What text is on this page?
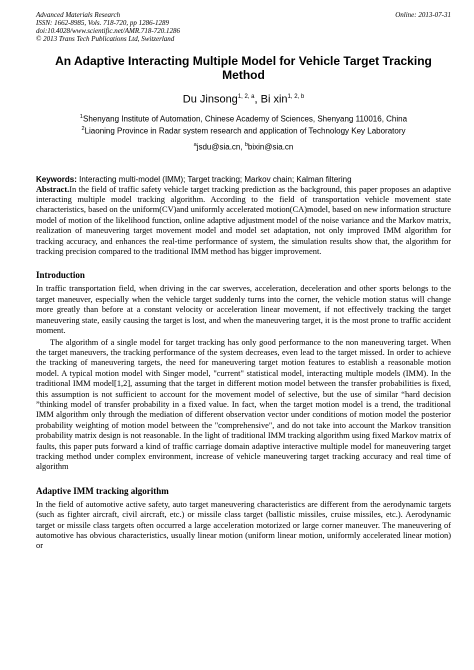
Advanced Materials Research
ISSN: 1662-8985, Vols. 718-720, pp 1286-1289
doi:10.4028/www.scientific.net/AMR.718-720.1286
© 2013 Trans Tech Publications Ltd, Switzerland
Online: 2013-07-31
An Adaptive Interacting Multiple Model for Vehicle Target Tracking Method
Du Jinsong$^{1, 2, a}$, Bi xin$^{1, 2, b}$
$^1$Shenyang Institute of Automation, Chinese Academy of Sciences, Shenyang 110016, China
$^2$Liaoning Province in Radar system research and application of Technology Key Laboratory
$^a$jsdu@sia.cn, $^b$bixin@sia.cn
Keywords: Interacting multi-model (IMM); Target tracking; Markov chain; Kalman filtering

Abstract.In the field of traffic safety vehicle target tracking prediction as the background, this paper proposes an adaptive interacting multiple model tracking algorithm. According to the field of transportation vehicle movement state characteristics, based on the uniform(CV)and uniformly accelerated motion(CA)model, based on new information structure model of motion of the likelihood function, online adaptive adjustment model of the noise variance and the Markov matrix, realization of maneuvering target movement model and model set adaptation, not only improved IMM algorithm for tracking accuracy, and enhances the real-time performance of system, the simulation results show that, the algorithm for tracking precision compared to the traditional IMM method has bigger improvement.

Introduction

In traffic transportation field, when driving in the car swerves, acceleration, deceleration and other sports belongs to the target maneuver, especially when the vehicle target suddenly turns into the corner, the vehicle motion status will change more greatly than before at a constant velocity or acceleration linear movement, if not effectively tracking the target maneuvering state, easily causing the target is lost, and when the maneuvering target, it is the most prone to traffic accident moment.

The algorithm of a single model for target tracking has only good performance to the non maneuvering target. When the target maneuvers, the tracking performance of the system decreases, even lead to the target missed. In order to achieve the tracking of maneuvering targets, the need for maneuvering target motion features to establish a reasonable motion model. A typical motion model with Singer model, "current" statistical model, interacting multiple models (IMM). In the traditional IMM model[1,2], assuming that the target in different motion model between the transfer probabilities is fixed, this assumption is not sufficient to account for the movement model of selective, but the use of similar “hard decision ”thinking model of transfer probability in a fixed value. In fact, when the target motion model is a trend, the traditional IMM algorithm only through the mediation of different observation vector under conditions of motion model the posterior probability weighting of motion model between the "comprehensive", and do not take into account the Markov transition probability matrix design is not reasonable. In the light of traditional IMM tracking algorithm using fixed Markov matrix of faults, this paper puts forward a kind of traffic carriage domain adaptive interactive multiple model for maneuvering target tracking method under complex environment, increase of vehicle maneuvering target tracking accuracy and real time of algorithm

Adaptive IMM tracking algorithm

In the field of automotive active safety, auto target maneuvering characteristics are different from the aerodynamic targets (such as fighter aircraft, civil aircraft, etc.) or missile class target (ballistic missiles, cruise missiles, etc.). Aerodynamic target or missile class targets often occurred a large acceleration motorized or large corner maneuver. The maneuvering of automotive has obvious characteristics, usually linear motion (uniform linear motion, uniformly accelerated linear motion) or
